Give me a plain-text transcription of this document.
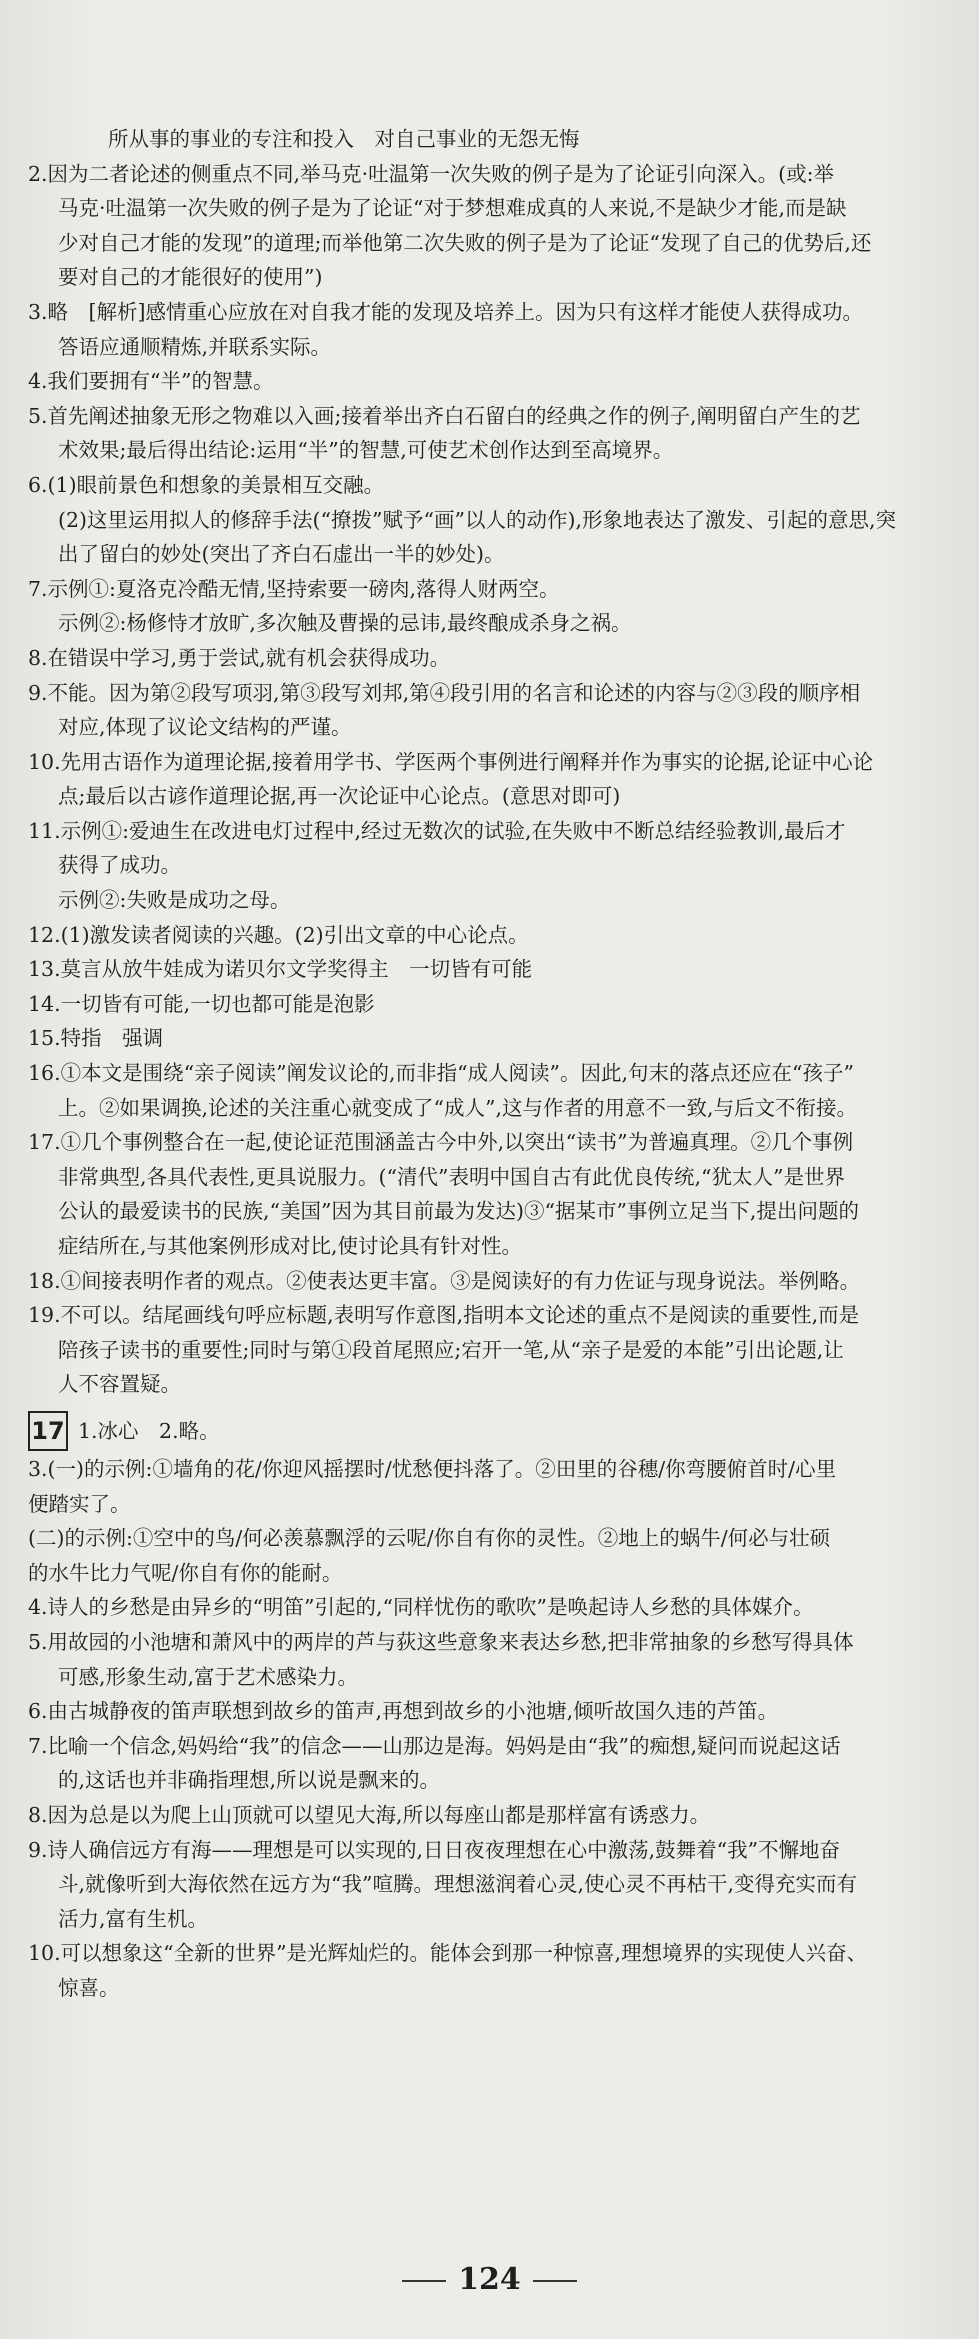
所从事的事业的专注和投入　对自己事业的无怨无悔
2.因为二者论述的侧重点不同,举马克·吐温第一次失败的例子是为了论证引向深入。(或:举
马克·吐温第一次失败的例子是为了论证“对于梦想难成真的人来说,不是缺少才能,而是缺
少对自己才能的发现”的道理;而举他第二次失败的例子是为了论证“发现了自己的优势后,还
要对自己的才能很好的使用”)
3.略　[解析]感情重心应放在对自我才能的发现及培养上。因为只有这样才能使人获得成功。
答语应通顺精炼,并联系实际。
4.我们要拥有“半”的智慧。
5.首先阐述抽象无形之物难以入画;接着举出齐白石留白的经典之作的例子,阐明留白产生的艺
术效果;最后得出结论:运用“半”的智慧,可使艺术创作达到至高境界。
6.(1)眼前景色和想象的美景相互交融。
(2)这里运用拟人的修辞手法(“撩拨”赋予“画”以人的动作),形象地表达了激发、引起的意思,突
出了留白的妙处(突出了齐白石虚出一半的妙处)。
7.示例①:夏洛克冷酷无情,坚持索要一磅肉,落得人财两空。
示例②:杨修恃才放旷,多次触及曹操的忌讳,最终酿成杀身之祸。
8.在错误中学习,勇于尝试,就有机会获得成功。
9.不能。因为第②段写项羽,第③段写刘邦,第④段引用的名言和论述的内容与②③段的顺序相
对应,体现了议论文结构的严谨。
10.先用古语作为道理论据,接着用学书、学医两个事例进行阐释并作为事实的论据,论证中心论
点;最后以古谚作道理论据,再一次论证中心论点。(意思对即可)
11.示例①:爱迪生在改进电灯过程中,经过无数次的试验,在失败中不断总结经验教训,最后才
获得了成功。
示例②:失败是成功之母。
12.(1)激发读者阅读的兴趣。(2)引出文章的中心论点。
13.莫言从放牛娃成为诺贝尔文学奖得主　一切皆有可能
14.一切皆有可能,一切也都可能是泡影
15.特指　强调
16.①本文是围绕“亲子阅读”阐发议论的,而非指“成人阅读”。因此,句末的落点还应在“孩子”
上。②如果调换,论述的关注重心就变成了“成人”,这与作者的用意不一致,与后文不衔接。
17.①几个事例整合在一起,使论证范围涵盖古今中外,以突出“读书”为普遍真理。②几个事例
非常典型,各具代表性,更具说服力。(“清代”表明中国自古有此优良传统,“犹太人”是世界
公认的最爱读书的民族,“美国”因为其目前最为发达)③“据某市”事例立足当下,提出问题的
症结所在,与其他案例形成对比,使讨论具有针对性。
18.①间接表明作者的观点。②使表达更丰富。③是阅读好的有力佐证与现身说法。举例略。
19.不可以。结尾画线句呼应标题,表明写作意图,指明本文论述的重点不是阅读的重要性,而是
陪孩子读书的重要性;同时与第①段首尾照应;宕开一笔,从“亲子是爱的本能”引出论题,让
人不容置疑。
17 1.冰心　2.略。
3.(一)的示例:①墙角的花/你迎风摇摆时/忧愁便抖落了。②田里的谷穗/你弯腰俯首时/心里
便踏实了。
(二)的示例:①空中的鸟/何必羡慕飘浮的云呢/你自有你的灵性。②地上的蜗牛/何必与壮硕
的水牛比力气呢/你自有你的能耐。
4.诗人的乡愁是由异乡的“明笛”引起的,“同样忧伤的歌吹”是唤起诗人乡愁的具体媒介。
5.用故园的小池塘和萧风中的两岸的芦与荻这些意象来表达乡愁,把非常抽象的乡愁写得具体
可感,形象生动,富于艺术感染力。
6.由古城静夜的笛声联想到故乡的笛声,再想到故乡的小池塘,倾听故国久违的芦笛。
7.比喻一个信念,妈妈给“我”的信念——山那边是海。妈妈是由“我”的痴想,疑问而说起这话
的,这话也并非确指理想,所以说是飘来的。
8.因为总是以为爬上山顶就可以望见大海,所以每座山都是那样富有诱惑力。
9.诗人确信远方有海——理想是可以实现的,日日夜夜理想在心中激荡,鼓舞着“我”不懈地奋
斗,就像听到大海依然在远方为“我”喧腾。理想滋润着心灵,使心灵不再枯干,变得充实而有
活力,富有生机。
10.可以想象这“全新的世界”是光辉灿烂的。能体会到那一种惊喜,理想境界的实现使人兴奋、
惊喜。
124
